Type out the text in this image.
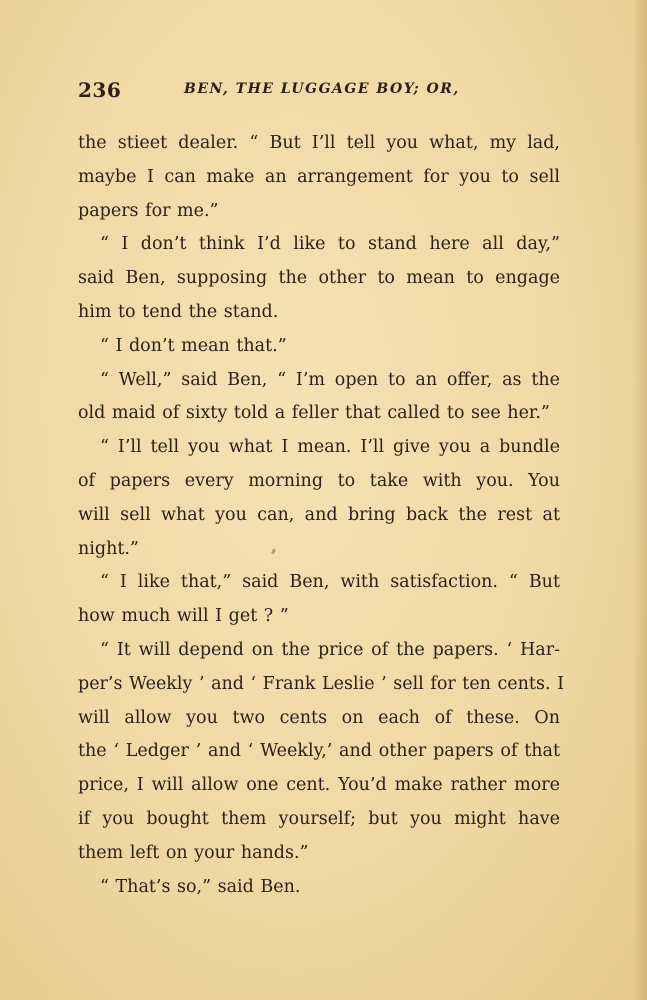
236	BEN, THE LUGGAGE BOY; OR,
the stieet dealer. “ But I’ll tell you what, my lad,
maybe I can make an arrangement for you to sell
papers for me.”
“ I don’t think I’d like to stand here all day,”
said Ben, supposing the other to mean to engage
him to tend the stand.
“ I don’t mean that.”
“ Well,” said Ben, “ I’m open to an offer, as the
old maid of sixty told a feller that called to see her.”
“ I’ll tell you what I mean. I’ll give you a bundle
of papers every morning to take with you. You
will sell what you can, and bring back the rest at
night.”
“ I like that,” said Ben, with satisfaction. “ But
how much will I get ? ”
“ It will depend on the price of the papers. ‘ Har-
per’s Weekly ’ and ‘ Frank Leslie ’ sell for ten cents. I
will allow you two cents on each of these. On
the ‘ Ledger ’ and ‘ Weekly,’ and other papers of that
price, I will allow one cent. You’d make rather more
if you bought them yourself; but you might have
them left on your hands.”
“ That’s so,” said Ben.
